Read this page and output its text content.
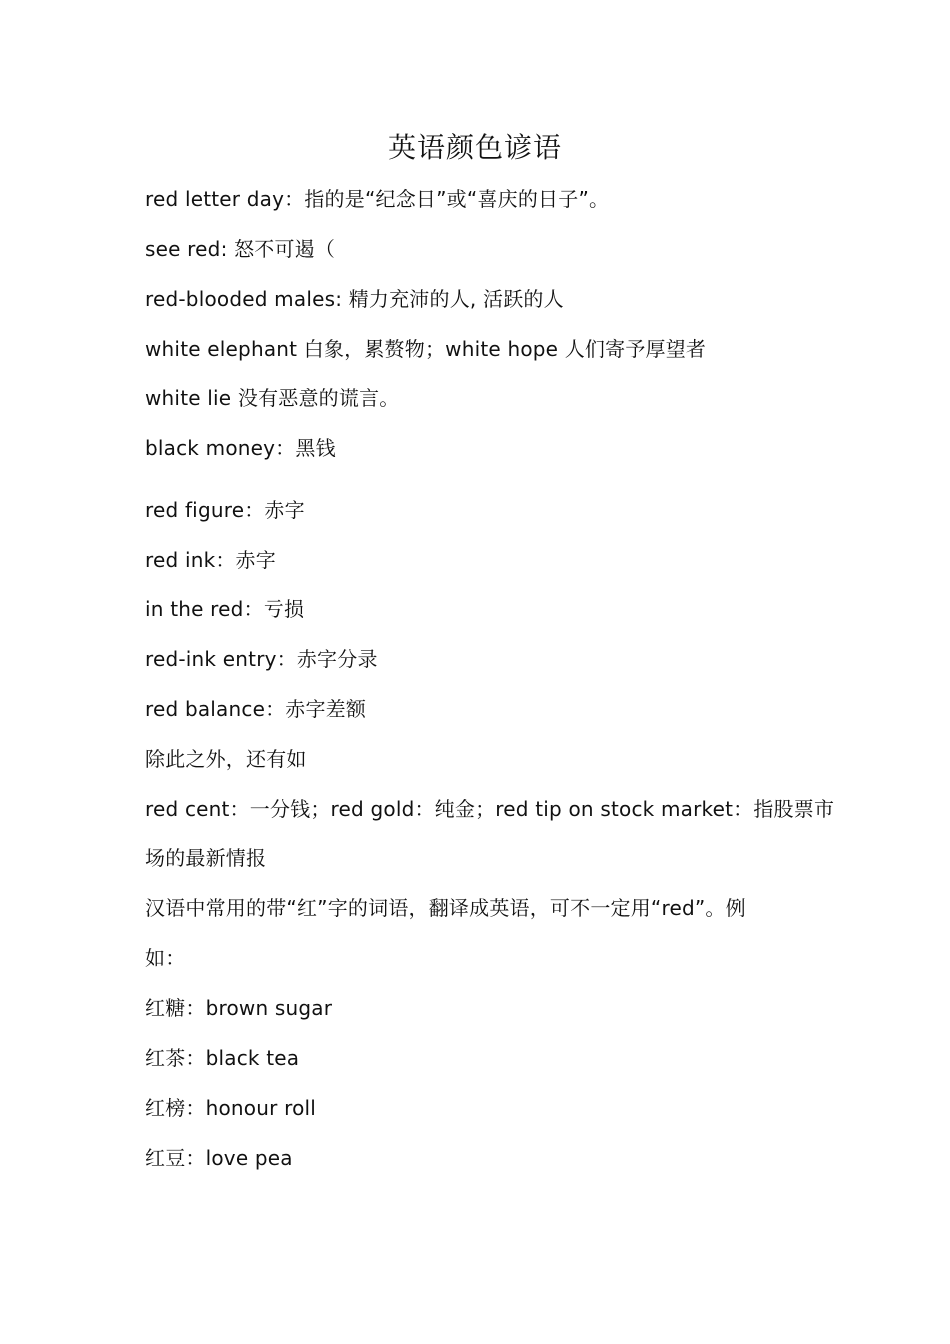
英语颜色谚语
red letter day：指的是“纪念日”或“喜庆的日子”。
see red: 怒不可遏（
red-blooded males: 精力充沛的人, 活跃的人
white elephant 白象，累赘物；white hope 人们寄予厚望者
white lie 没有恶意的谎言。
black money：黑钱
red figure：赤字
red ink：赤字
in the red：亏损
red-ink entry：赤字分录
red balance：赤字差额
除此之外，还有如
red cent：一分钱；red gold：纯金；red tip on stock market：指股票市
场的最新情报
汉语中常用的带“红”字的词语，翻译成英语，可不一定用“red”。例
如：
红糖：brown sugar
红茶：black tea
红榜：honour roll
红豆：love pea
